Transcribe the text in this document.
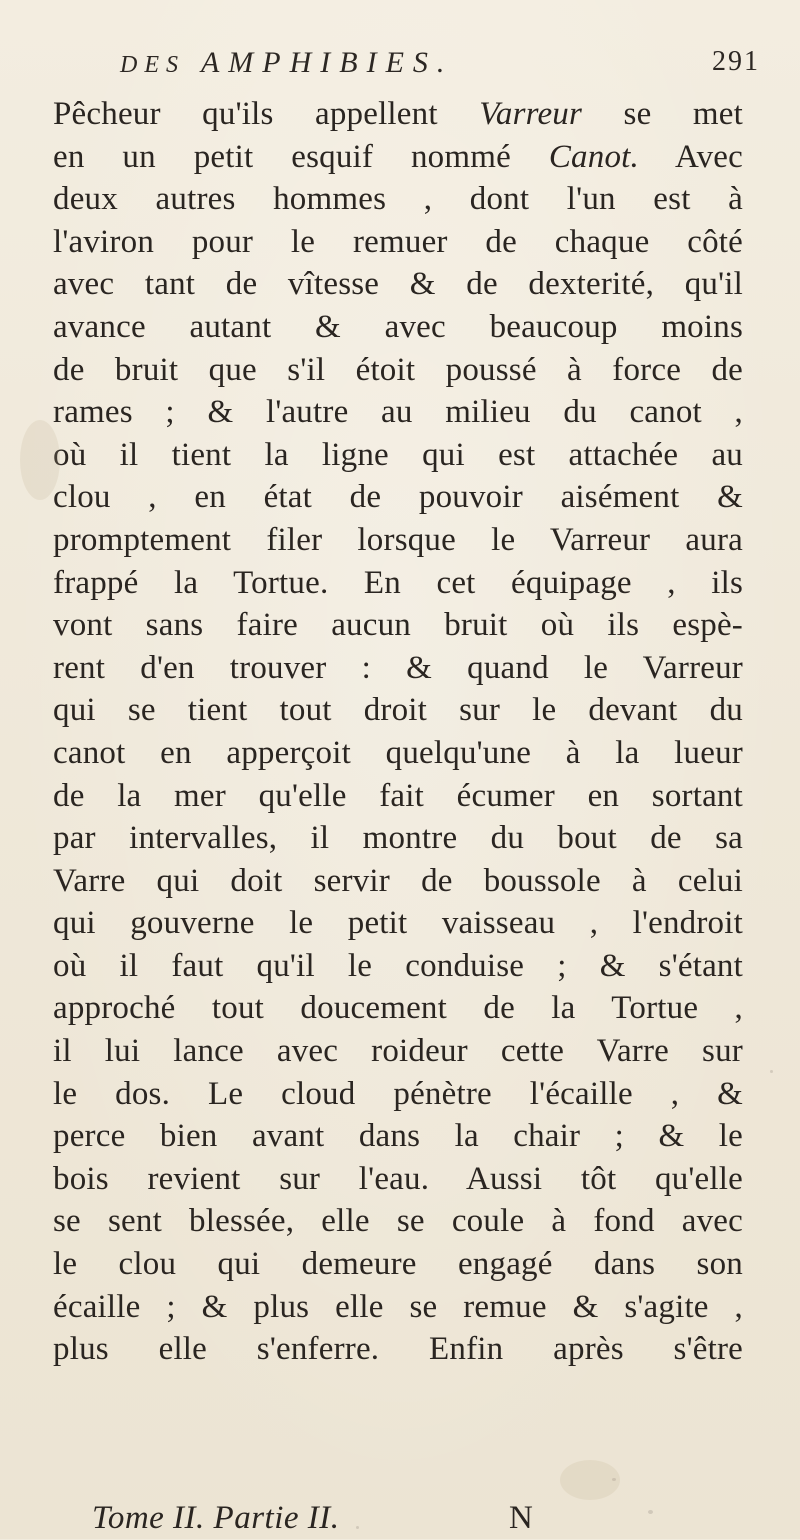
DES AMPHIBIES.	291
Pêcheur qu'ils appellent Varreur se met
en un petit esquif nommé Canot. Avec
deux autres hommes , dont l'un est à
l'aviron pour le remuer de chaque côté
avec tant de vîtesse & de dexterité, qu'il
avance autant & avec beaucoup moins
de bruit que s'il étoit poussé à force de
rames ; & l'autre au milieu du canot ,
où il tient la ligne qui est attachée au
clou , en état de pouvoir aisément &
promptement filer lorsque le Varreur aura
frappé la Tortue. En cet équipage , ils
vont sans faire aucun bruit où ils espè-
rent d'en trouver : & quand le Varreur
qui se tient tout droit sur le devant du
canot en apperçoit quelqu'une à la lueur
de la mer qu'elle fait écumer en sortant
par intervalles, il montre du bout de sa
Varre qui doit servir de boussole à celui
qui gouverne le petit vaisseau , l'endroit
où il faut qu'il le conduise ; & s'étant
approché tout doucement de la Tortue ,
il lui lance avec roideur cette Varre sur
le dos. Le cloud pénètre l'écaille , &
perce bien avant dans la chair ; & le
bois revient sur l'eau. Aussi tôt qu'elle
se sent blessée, elle se coule à fond avec
le clou qui demeure engagé dans son
écaille ; & plus elle se remue & s'agite ,
plus elle s'enferre. Enfin après s'être
Tome II. Partie II.	N
